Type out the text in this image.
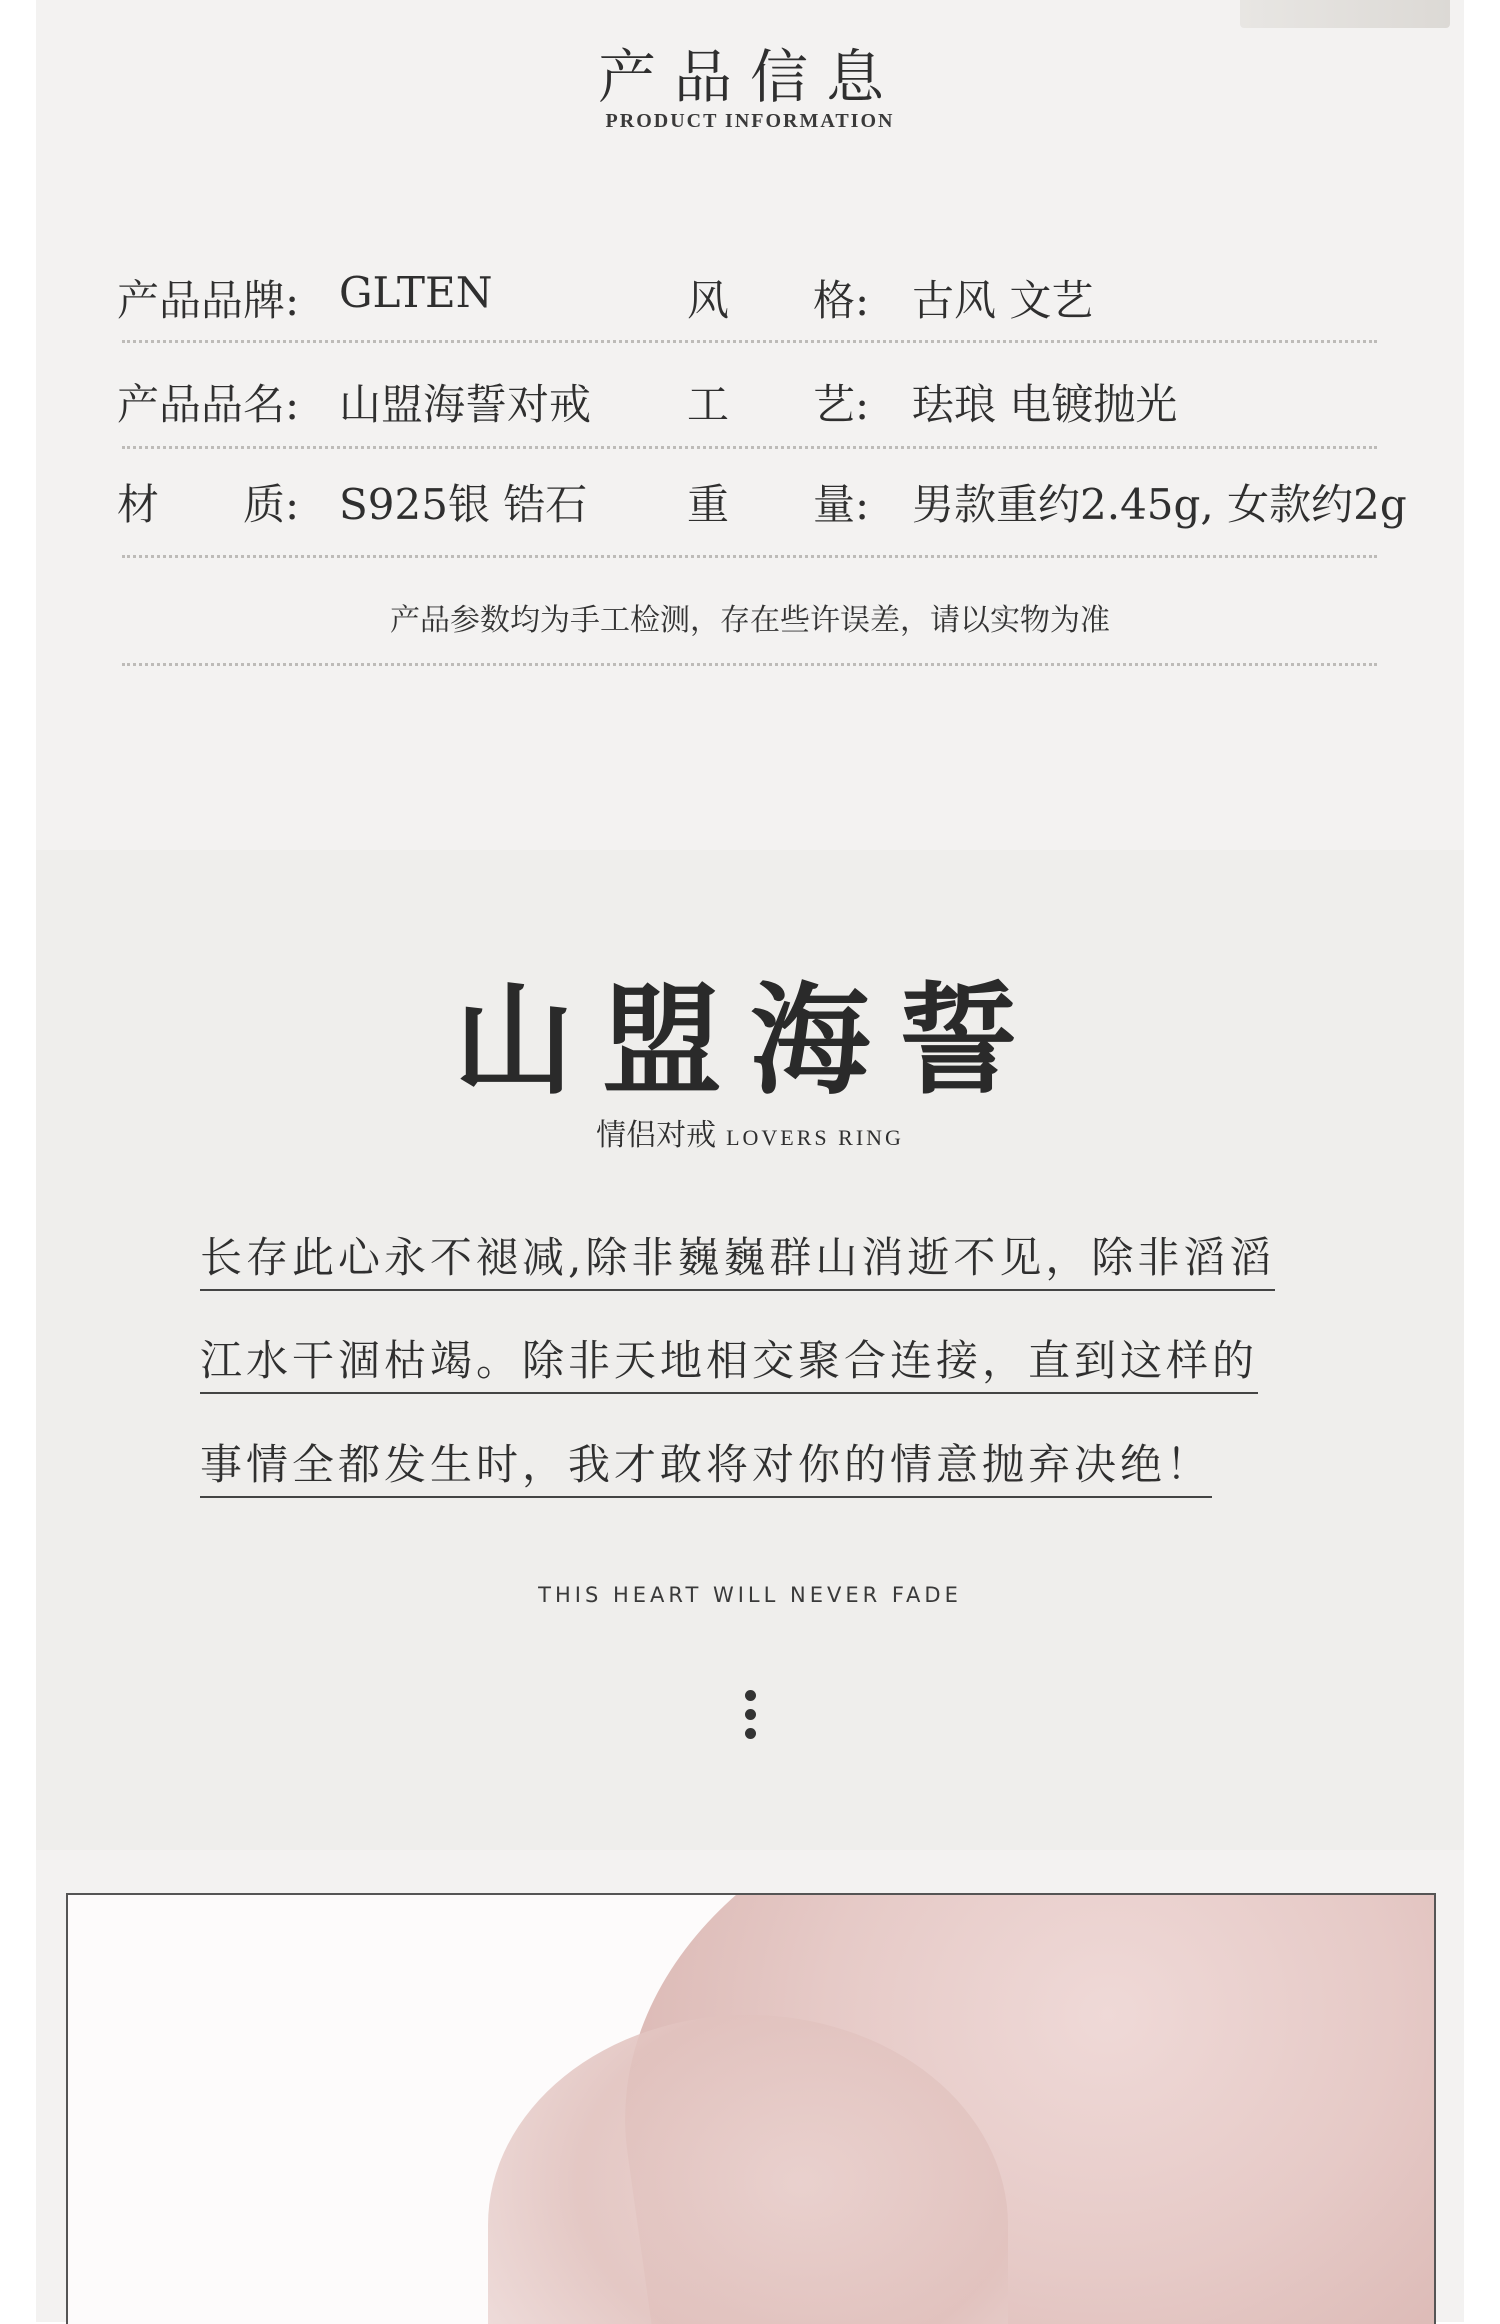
产品信息
PRODUCT INFORMATION
产品品牌: GLTEN	风　　格: 古风 文艺
产品品名: 山盟海誓对戒 工　　艺: 珐琅 电镀抛光
材　　质: S925银 锆石 重　　量: 男款重约2.45g, 女款约2g
产品参数均为手工检测，存在些许误差，请以实物为准
山盟海誓
情侣对戒 LOVERS RING
长存此心永不褪减,除非巍巍群山消逝不见，除非滔滔
江水干涸枯竭。除非天地相交聚合连接，直到这样的
事情全都发生时，我才敢将对你的情意抛弃决绝！
THIS HEART WILL NEVER FADE
